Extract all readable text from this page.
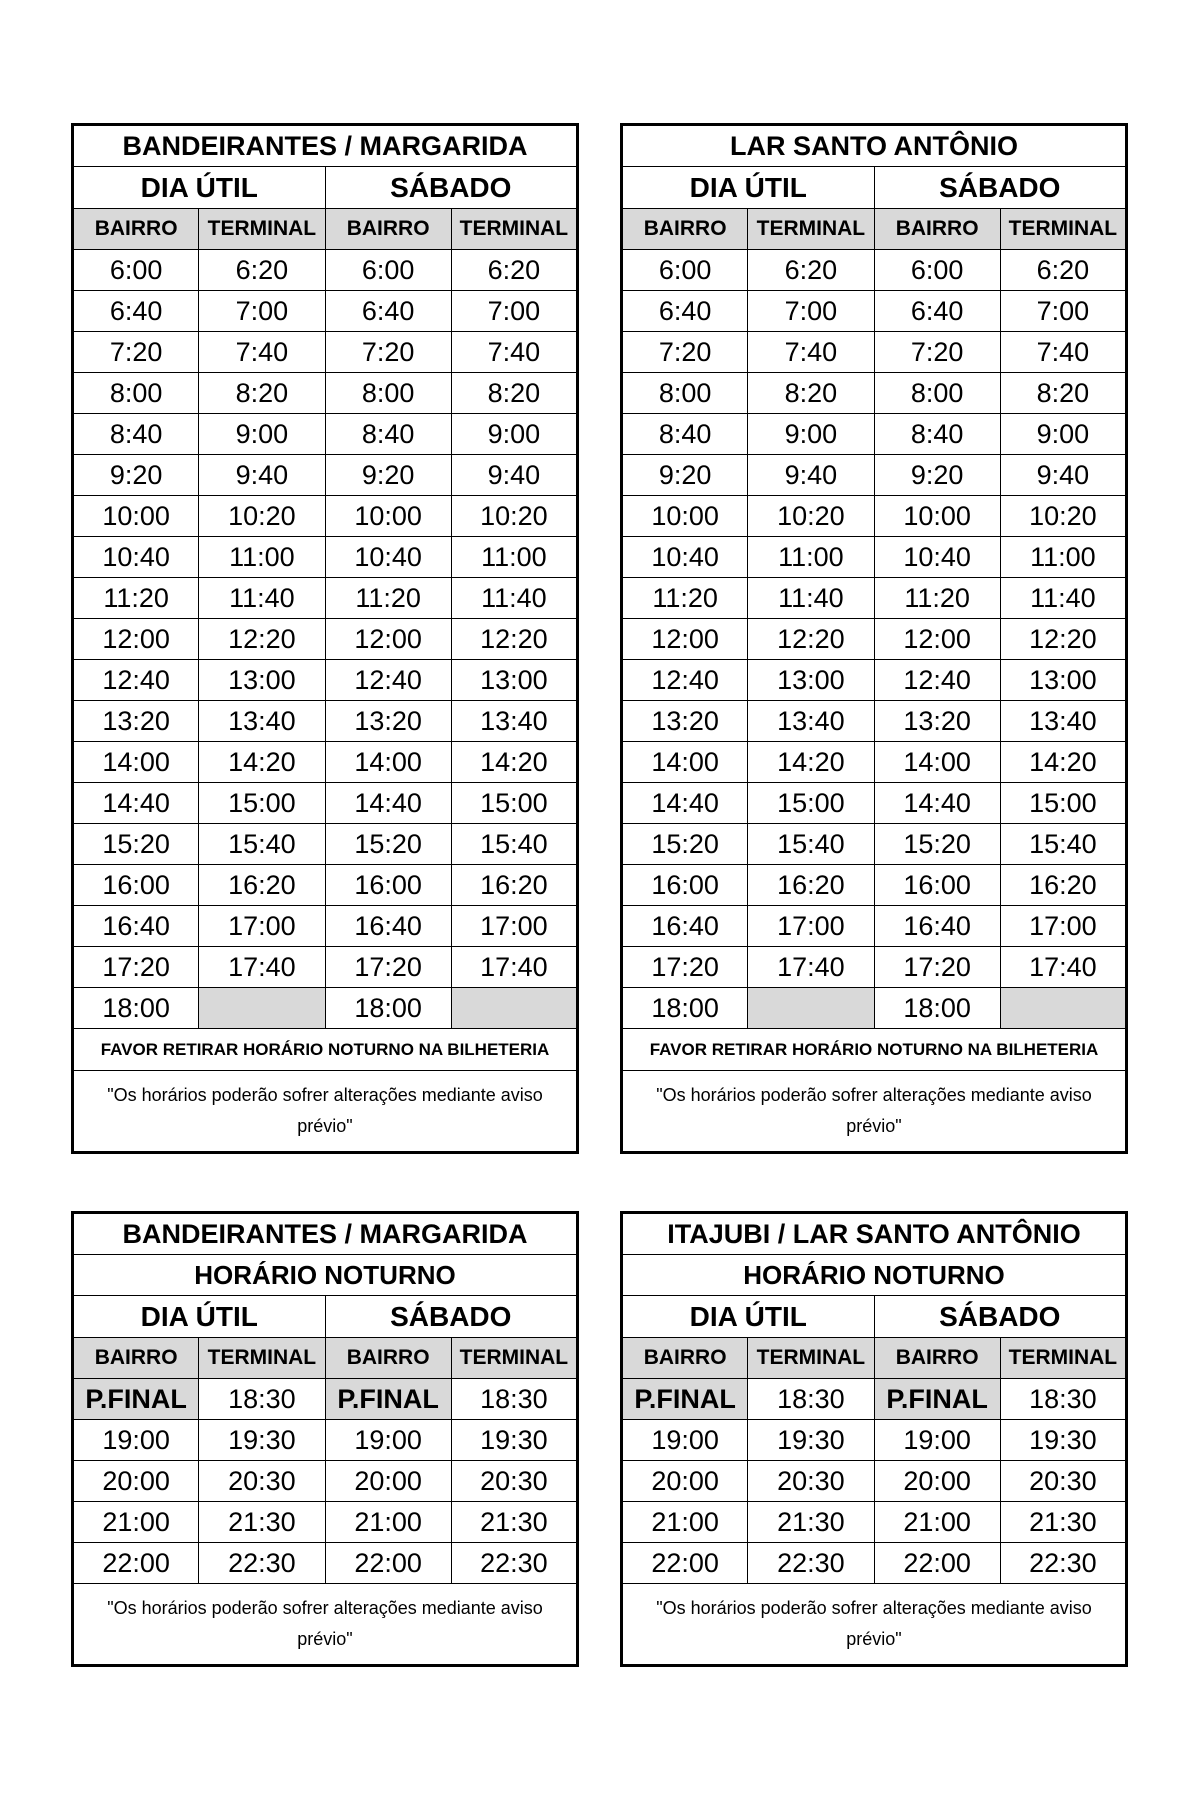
BANDEIRANTES / MARGARIDA			
DIA ÚTIL		SÁBADO	
BAIRRO	TERMINAL	BAIRRO	TERMINAL
6:00	6:20	6:00	6:20
6:40	7:00	6:40	7:00
7:20	7:40	7:20	7:40
8:00	8:20	8:00	8:20
8:40	9:00	8:40	9:00
9:20	9:40	9:20	9:40
10:00	10:20	10:00	10:20
10:40	11:00	10:40	11:00
11:20	11:40	11:20	11:40
12:00	12:20	12:00	12:20
12:40	13:00	12:40	13:00
13:20	13:40	13:20	13:40
14:00	14:20	14:00	14:20
14:40	15:00	14:40	15:00
15:20	15:40	15:20	15:40
16:00	16:20	16:00	16:20
16:40	17:00	16:40	17:00
17:20	17:40	17:20	17:40
18:00		18:00	
FAVOR RETIRAR HORÁRIO NOTURNO NA BILHETERIA			
"Os horários poderão sofrer alterações mediante aviso prévio"			
LAR SANTO ANTÔNIO			
DIA ÚTIL		SÁBADO	
BAIRRO	TERMINAL	BAIRRO	TERMINAL
6:00	6:20	6:00	6:20
6:40	7:00	6:40	7:00
7:20	7:40	7:20	7:40
8:00	8:20	8:00	8:20
8:40	9:00	8:40	9:00
9:20	9:40	9:20	9:40
10:00	10:20	10:00	10:20
10:40	11:00	10:40	11:00
11:20	11:40	11:20	11:40
12:00	12:20	12:00	12:20
12:40	13:00	12:40	13:00
13:20	13:40	13:20	13:40
14:00	14:20	14:00	14:20
14:40	15:00	14:40	15:00
15:20	15:40	15:20	15:40
16:00	16:20	16:00	16:20
16:40	17:00	16:40	17:00
17:20	17:40	17:20	17:40
18:00		18:00	
FAVOR RETIRAR HORÁRIO NOTURNO NA BILHETERIA			
"Os horários poderão sofrer alterações mediante aviso prévio"			
BANDEIRANTES / MARGARIDA			
HORÁRIO NOTURNO			
DIA ÚTIL		SÁBADO	
BAIRRO	TERMINAL	BAIRRO	TERMINAL
P.FINAL	18:30	P.FINAL	18:30
19:00	19:30	19:00	19:30
20:00	20:30	20:00	20:30
21:00	21:30	21:00	21:30
22:00	22:30	22:00	22:30
"Os horários poderão sofrer alterações mediante aviso prévio"			
ITAJUBI / LAR SANTO ANTÔNIO			
HORÁRIO NOTURNO			
DIA ÚTIL		SÁBADO	
BAIRRO	TERMINAL	BAIRRO	TERMINAL
P.FINAL	18:30	P.FINAL	18:30
19:00	19:30	19:00	19:30
20:00	20:30	20:00	20:30
21:00	21:30	21:00	21:30
22:00	22:30	22:00	22:30
"Os horários poderão sofrer alterações mediante aviso prévio"			
